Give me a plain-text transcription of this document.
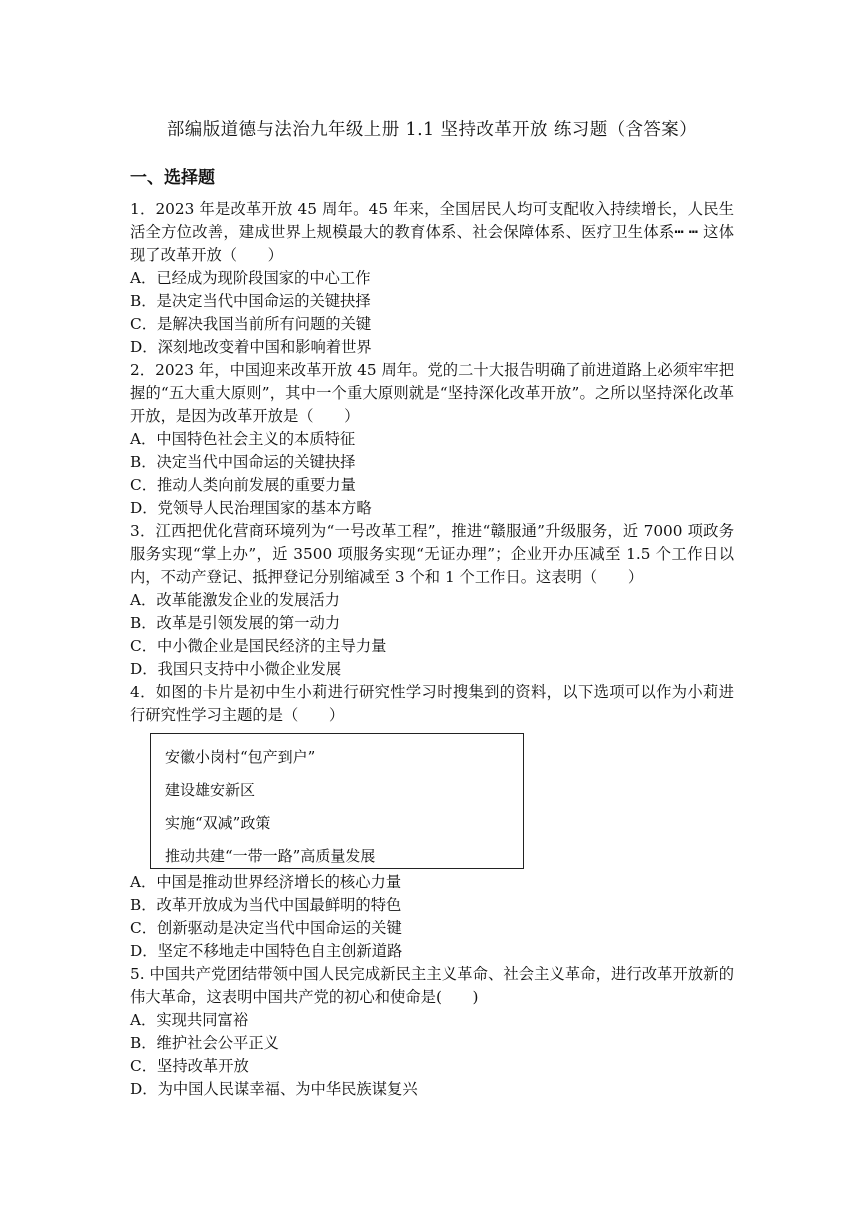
部编版道德与法治九年级上册 1.1 坚持改革开放 练习题（含答案）
一、选择题

1．2023 年是改革开放 45 周年。45 年来，全国居民人均可支配收入持续增长，人民生活全方位改善，建成世界上规模最大的教育体系、社会保障体系、医疗卫生体系┅ ┅ 这体现了改革开放（　　）

A．已经成为现阶段国家的中心工作
B．是决定当代中国命运的关键抉择
C．是解决我国当前所有问题的关键
D．深刻地改变着中国和影响着世界

2．2023 年，中国迎来改革开放 45 周年。党的二十大报告明确了前进道路上必须牢牢把握的“五大重大原则”，其中一个重大原则就是“坚持深化改革开放”。之所以坚持深化改革开放，是因为改革开放是（　　）

A．中国特色社会主义的本质特征
B．决定当代中国命运的关键抉择
C．推动人类向前发展的重要力量
D．党领导人民治理国家的基本方略

3．江西把优化营商环境列为“一号改革工程”，推进“赣服通”升级服务，近 7000 项政务服务实现“掌上办”，近 3500 项服务实现“无证办理”；企业开办压减至 1.5 个工作日以内，不动产登记、抵押登记分别缩减至 3 个和 1 个工作日。这表明（　　）

A．改革能激发企业的发展活力
B．改革是引领发展的第一动力
C．中小微企业是国民经济的主导力量
D．我国只支持中小微企业发展

4．如图的卡片是初中生小莉进行研究性学习时搜集到的资料，以下选项可以作为小莉进行研究性学习主题的是（　　）

安徽小岗村“包产到户”

建设雄安新区

实施“双减”政策

推动共建“一带一路”高质量发展

A．中国是推动世界经济增长的核心力量
B．改革开放成为当代中国最鲜明的特色
C．创新驱动是决定当代中国命运的关键
D．坚定不移地走中国特色自主创新道路

5. 中国共产党团结带领中国人民完成新民主主义革命、社会主义革命，进行改革开放新的伟大革命，这表明中国共产党的初心和使命是(　　)

A．实现共同富裕
B．维护社会公平正义
C．坚持改革开放
D．为中国人民谋幸福、为中华民族谋复兴
